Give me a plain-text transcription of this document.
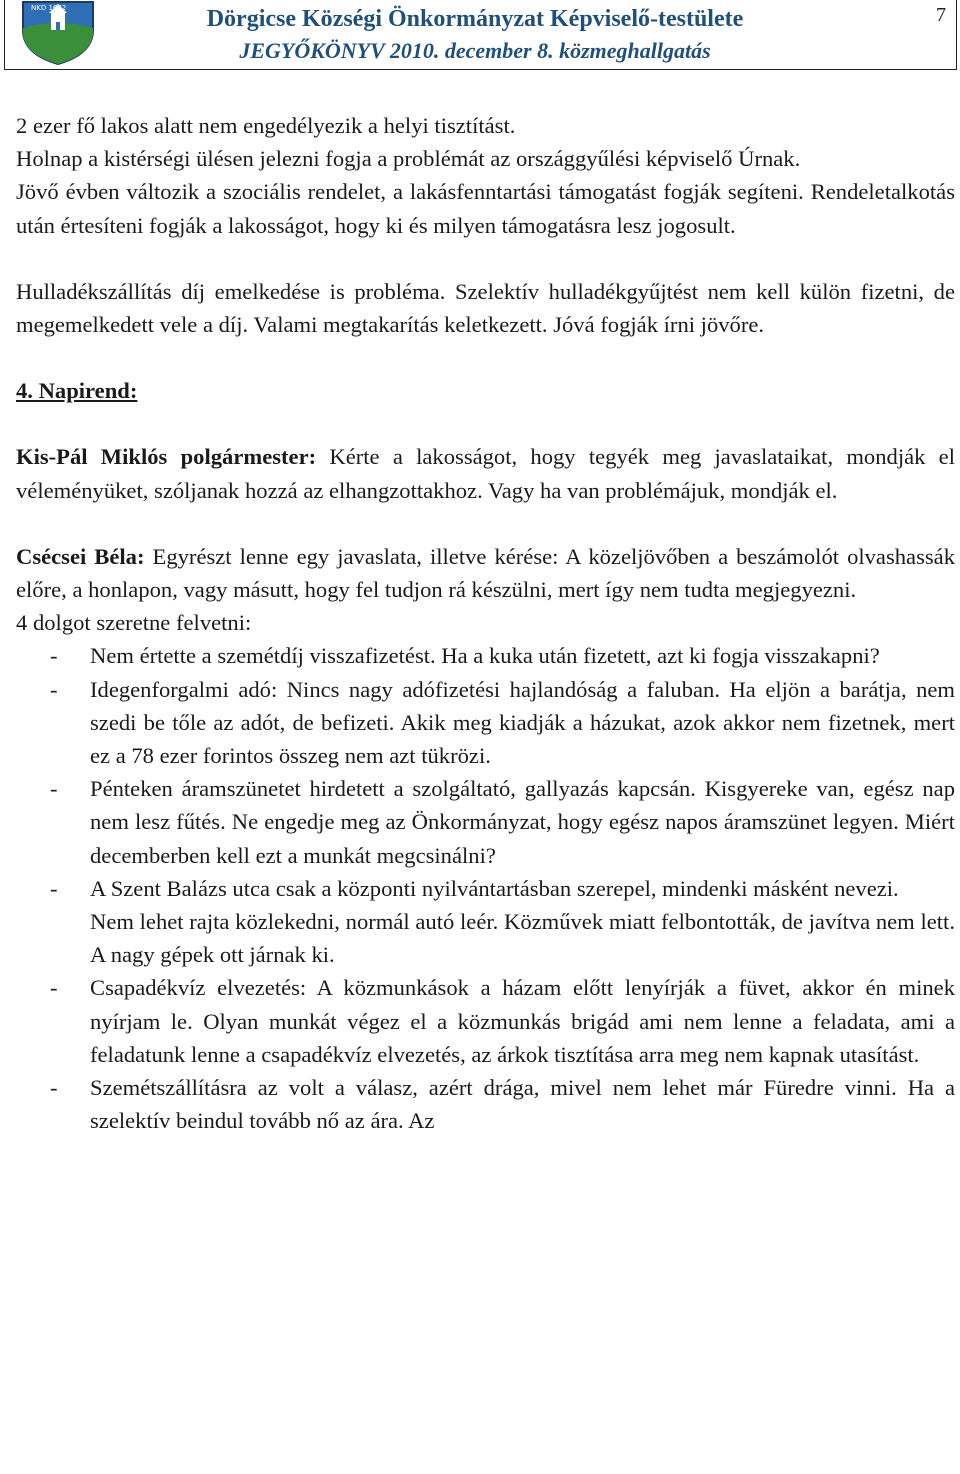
NKD 1682	Dörgicse Községi Önkormányzat Képviselő-testülete
JEGYŐKÖNYV 2010. december 8. közmeghallgatás
7

2 ezer fő lakos alatt nem engedélyezik a helyi tisztítást.

Holnap a kistérségi ülésen jelezni fogja a problémát az országgyűlési képviselő Úrnak.

Jövő évben változik a szociális rendelet, a lakásfenntartási támogatást fogják segíteni. Rendeletalkotás után értesíteni fogják a lakosságot, hogy ki és milyen támogatásra lesz jogosult.

Hulladékszállítás díj emelkedése is probléma. Szelektív hulladékgyűjtést nem kell külön fizetni, de megemelkedett vele a díj. Valami megtakarítás keletkezett. Jóvá fogják írni jövőre.

4. Napirend:

Kis-Pál Miklós polgármester: Kérte a lakosságot, hogy tegyék meg javaslataikat, mondják el véleményüket, szóljanak hozzá az elhangzottakhoz. Vagy ha van problémájuk, mondják el.

Csécsei Béla: Egyrészt lenne egy javaslata, illetve kérése: A közeljövőben a beszámolót olvashassák előre, a honlapon, vagy másutt, hogy fel tudjon rá készülni, mert így nem tudta megjegyezni.

4 dolgot szeretne felvetni:

- Nem értette a szemétdíj visszafizetést. Ha a kuka után fizetett, azt ki fogja visszakapni?
- Idegenforgalmi adó: Nincs nagy adófizetési hajlandóság a faluban. Ha eljön a barátja, nem szedi be tőle az adót, de befizeti. Akik meg kiadják a házukat, azok akkor nem fizetnek, mert ez a 78 ezer forintos összeg nem azt tükrözi.
- Pénteken áramszünetet hirdetett a szolgáltató, gallyazás kapcsán. Kisgyereke van, egész nap nem lesz fűtés. Ne engedje meg az Önkormányzat, hogy egész napos áramszünet legyen. Miért decemberben kell ezt a munkát megcsinálni?
- A Szent Balázs utca csak a központi nyilvántartásban szerepel, mindenki másként nevezi.
Nem lehet rajta közlekedni, normál autó leér. Közművek miatt felbontották, de javítva nem lett. A nagy gépek ott járnak ki.
- Csapadékvíz elvezetés: A közmunkások a házam előtt lenyírják a füvet, akkor én minek nyírjam le. Olyan munkát végez el a közmunkás brigád ami nem lenne a feladata, ami a feladatunk lenne a csapadékvíz elvezetés, az árkok tisztítása arra meg nem kapnak utasítást.
- Szemétszállításra az volt a válasz, azért drága, mivel nem lehet már Füredre vinni. Ha a szelektív beindul tovább nő az ára. Az
